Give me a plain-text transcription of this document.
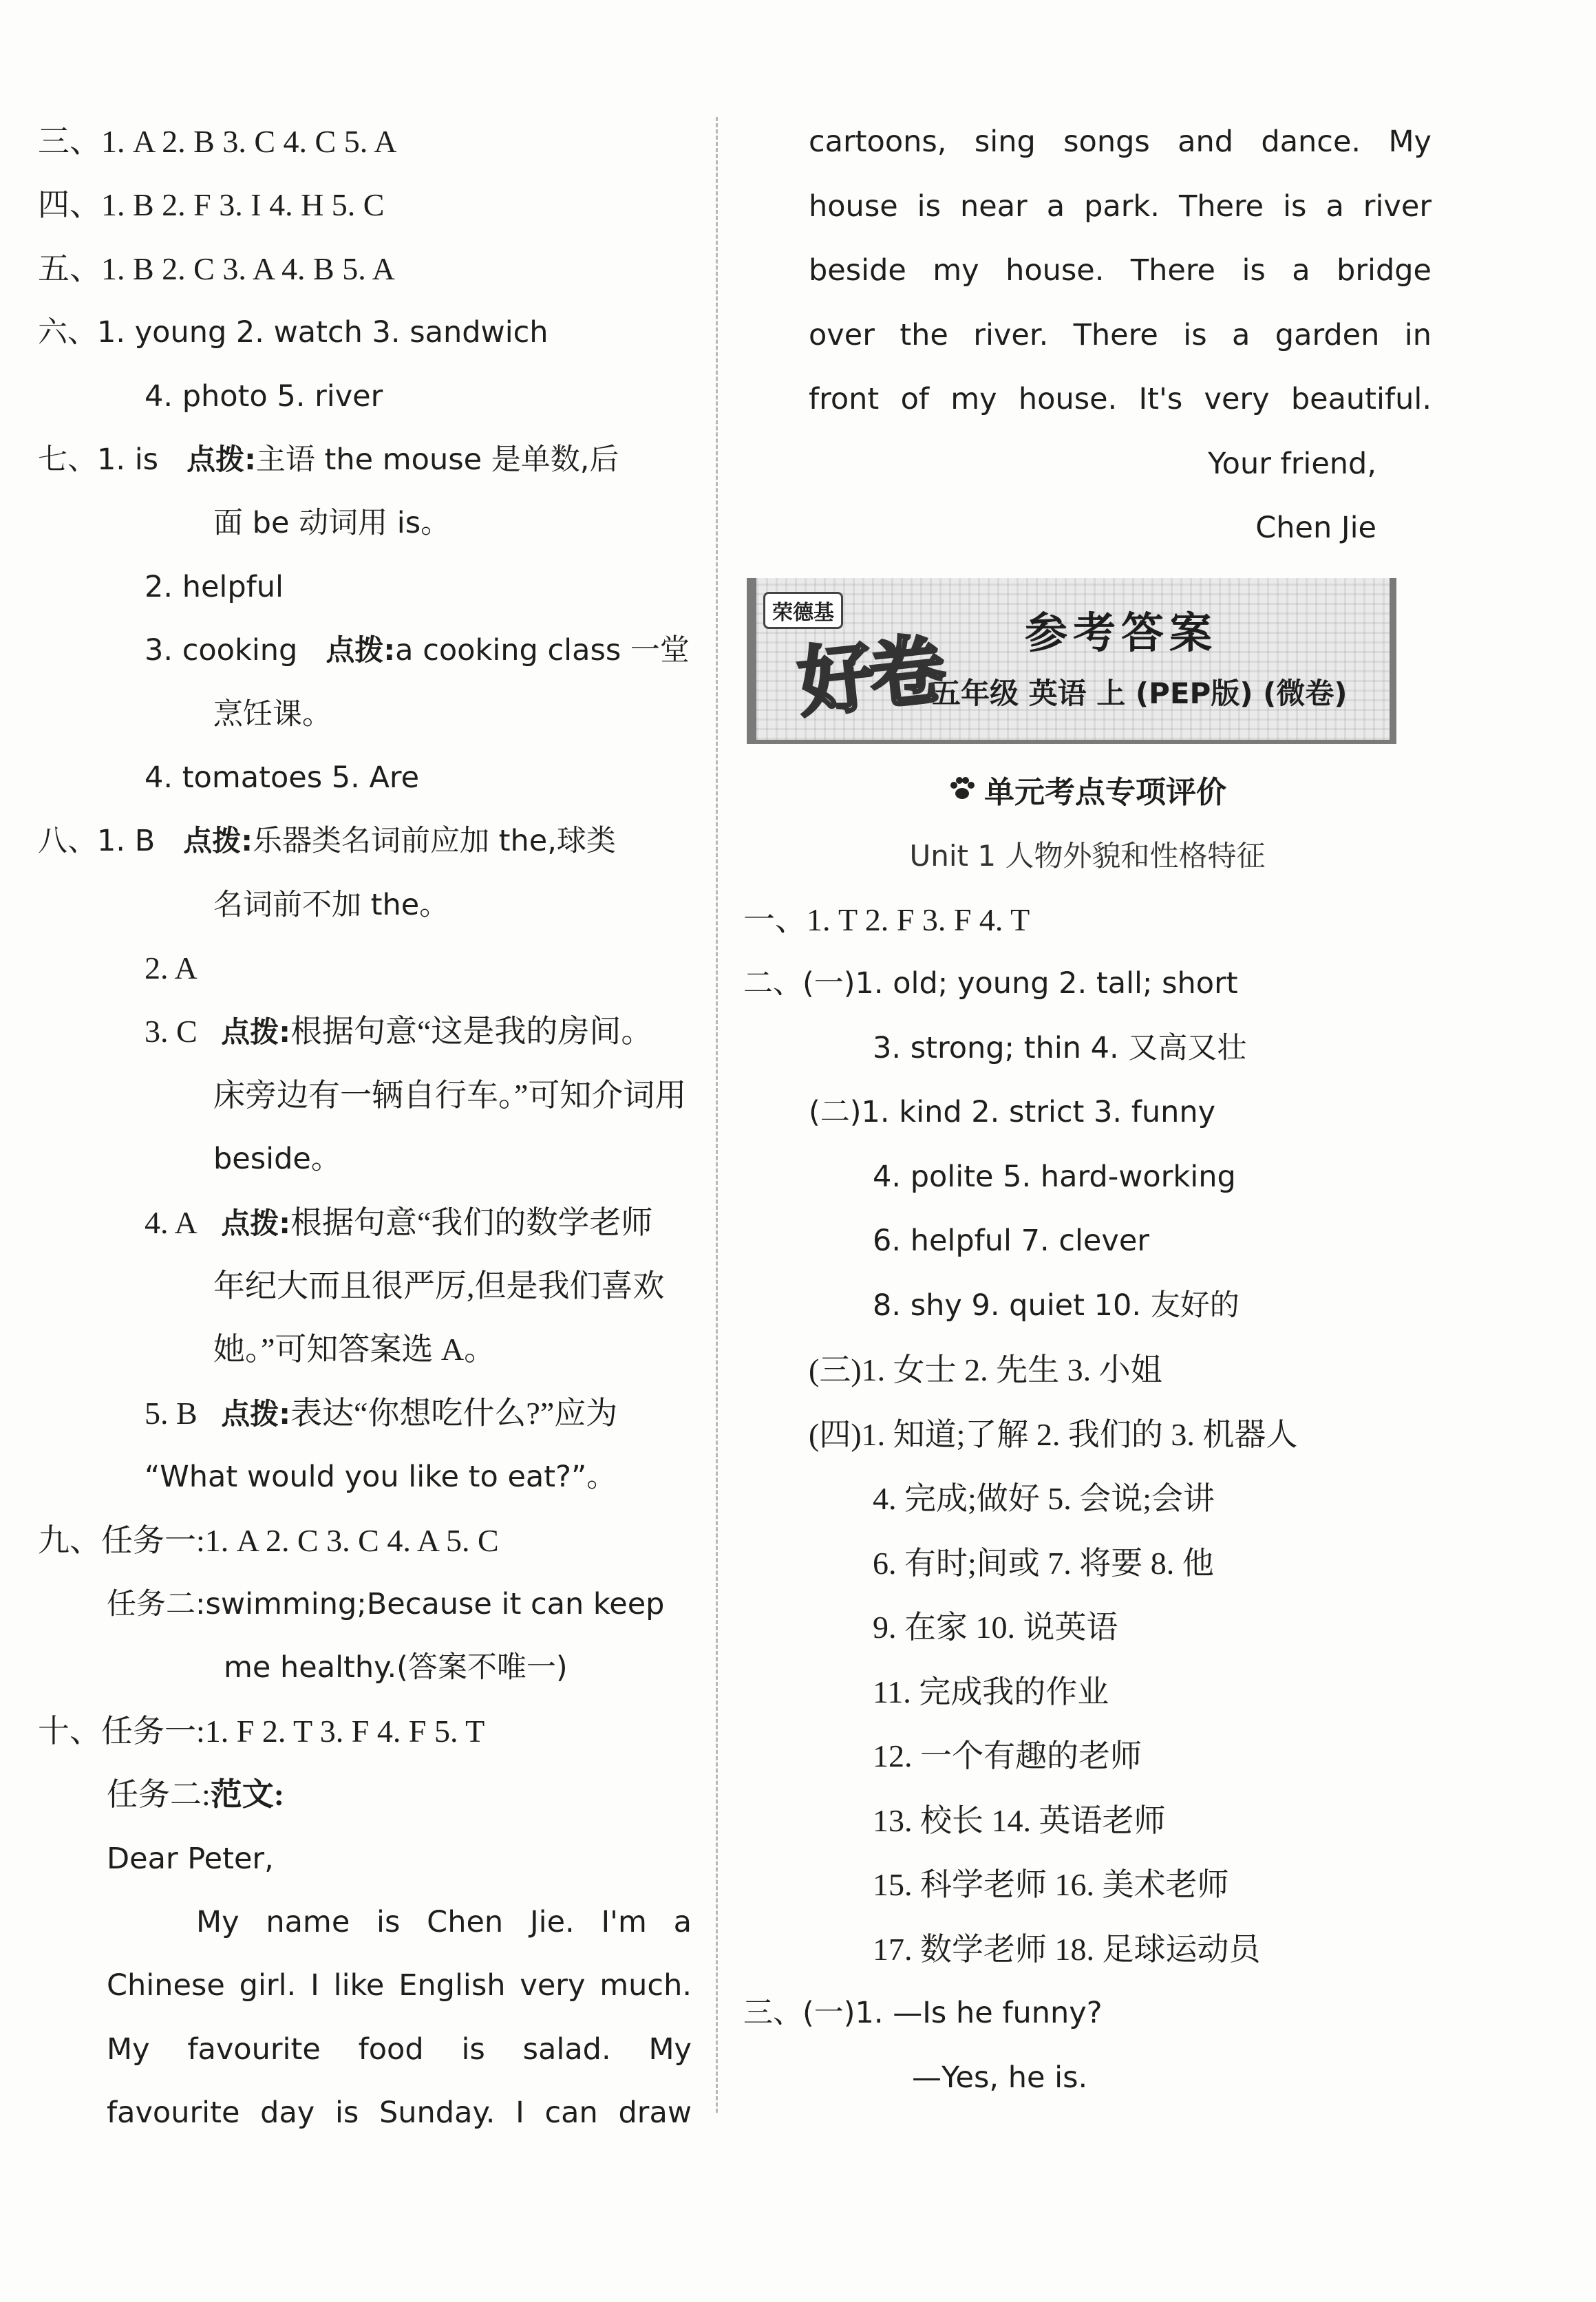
三、1. A 2. B 3. C 4. C 5. A
四、1. B 2. F 3. I 4. H 5. C
五、1. B 2. C 3. A 4. B 5. A
六、1. young 2. watch 3. sandwich
4. photo 5. river
七、1. is 点拨:主语 the mouse 是单数,后
面 be 动词用 is。
2. helpful
3. cooking 点拨:a cooking class 一堂
烹饪课。
4. tomatoes 5. Are
八、1. B 点拨:乐器类名词前应加 the,球类
名词前不加 the。
2. A
3. C 点拨:根据句意“这是我的房间。
床旁边有一辆自行车。”可知介词用
beside。
4. A 点拨:根据句意“我们的数学老师
年纪大而且很严厉,但是我们喜欢
她。”可知答案选 A。
5. B 点拨:表达“你想吃什么?”应为
“What would you like to eat?”。
九、任务一:1. A 2. C 3. C 4. A 5. C
任务二:swimming;Because it can keep
me healthy.(答案不唯一)
十、任务一:1. F 2. T 3. F 4. F 5. T
任务二:范文:
Dear Peter,
My name is Chen Jie. I'm a
Chinese girl. I like English very much.
My favourite food is salad. My
favourite day is Sunday. I can draw
cartoons, sing songs and dance. My
house is near a park. There is a river
beside my house. There is a bridge
over the river. There is a garden in
front of my house. It's very beautiful.
Your friend,
Chen Jie
荣德基
好卷 参考答案
五年级 英语 上 (PEP版) (微卷)
单元考点专项评价
Unit 1 人物外貌和性格特征
一、1. T 2. F 3. F 4. T
二、(一)1. old; young 2. tall; short
3. strong; thin 4. 又高又壮
(二)1. kind 2. strict 3. funny
4. polite 5. hard-working
6. helpful 7. clever
8. shy 9. quiet 10. 友好的
(三)1. 女士 2. 先生 3. 小姐
(四)1. 知道;了解 2. 我们的 3. 机器人
4. 完成;做好 5. 会说;会讲
6. 有时;间或 7. 将要 8. 他
9. 在家 10. 说英语
11. 完成我的作业
12. 一个有趣的老师
13. 校长 14. 英语老师
15. 科学老师 16. 美术老师
17. 数学老师 18. 足球运动员
三、(一)1. —Is he funny?
—Yes, he is.
